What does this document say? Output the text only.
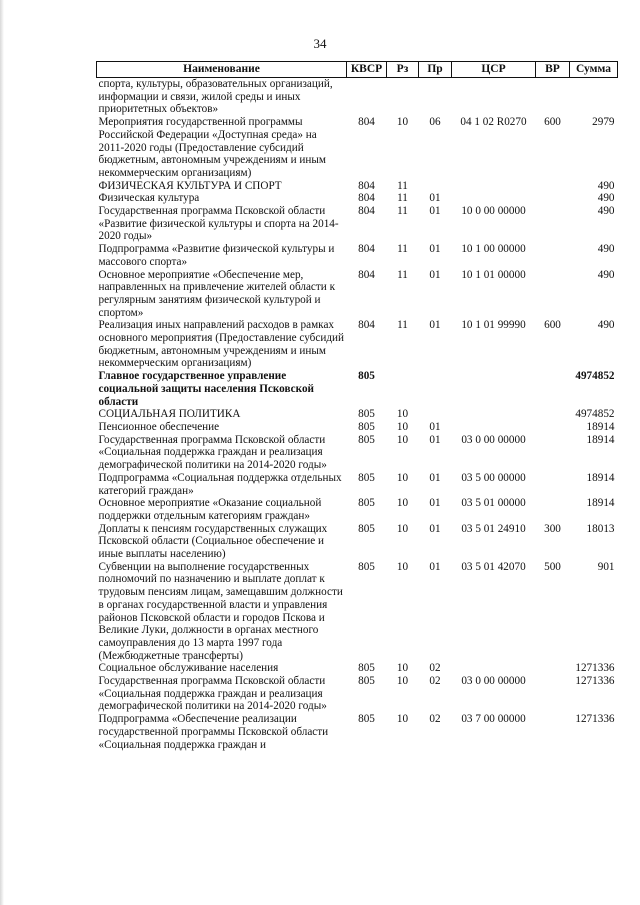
34
Наименование	КВСР	Рз	Пр	ЦСР	ВР	Сумма
спорта, культуры, образовательных организаций, информации и связи, жилой среды и иных приоритетных объектов»						
Мероприятия государственной программы Российской Федерации «Доступная среда» на 2011-2020 годы (Предоставление субсидий бюджетным, автономным учреждениям и иным некоммерческим организациям)	804	10	06	04 1 02 R0270	600	2979
ФИЗИЧЕСКАЯ КУЛЬТУРА И СПОРТ	804	11				490
Физическая культура	804	11	01			490
Государственная программа Псковской области «Развитие физической культуры и спорта на 2014-2020 годы»	804	11	01	10 0 00 00000		490
Подпрограмма «Развитие физической культуры и массового спорта»	804	11	01	10 1 00 00000		490
Основное мероприятие «Обеспечение мер, направленных на привлечение жителей области к регулярным занятиям физической культурой и спортом»	804	11	01	10 1 01 00000		490
Реализация иных направлений расходов в рамках основного мероприятия (Предоставление субсидий бюджетным, автономным учреждениям и иным некоммерческим организациям)	804	11	01	10 1 01 99990	600	490
Главное государственное управление социальной защиты населения Псковской области	805					4974852
СОЦИАЛЬНАЯ ПОЛИТИКА	805	10				4974852
Пенсионное обеспечение	805	10	01			18914
Государственная программа Псковской области «Социальная поддержка граждан и реализация демографической политики на 2014-2020 годы»	805	10	01	03 0 00 00000		18914
Подпрограмма «Социальная поддержка отдельных категорий граждан»	805	10	01	03 5 00 00000		18914
Основное мероприятие «Оказание социальной поддержки отдельным категориям граждан»	805	10	01	03 5 01 00000		18914
Доплаты к пенсиям государственных служащих Псковской области (Социальное обеспечение и иные выплаты населению)	805	10	01	03 5 01 24910	300	18013
Субвенции на выполнение государственных полномочий по назначению и выплате доплат к трудовым пенсиям лицам, замещавшим должности в органах государственной власти и управления районов Псковской области и городов Пскова и Великие Луки, должности в органах местного самоуправления до 13 марта 1997 года (Межбюджетные трансферты)	805	10	01	03 5 01 42070	500	901
Социальное обслуживание населения	805	10	02			1271336
Государственная программа Псковской области «Социальная поддержка граждан и реализация демографической политики на 2014-2020 годы»	805	10	02	03 0 00 00000		1271336
Подпрограмма «Обеспечение реализации государственной программы Псковской области «Социальная поддержка граждан и	805	10	02	03 7 00 00000		1271336
